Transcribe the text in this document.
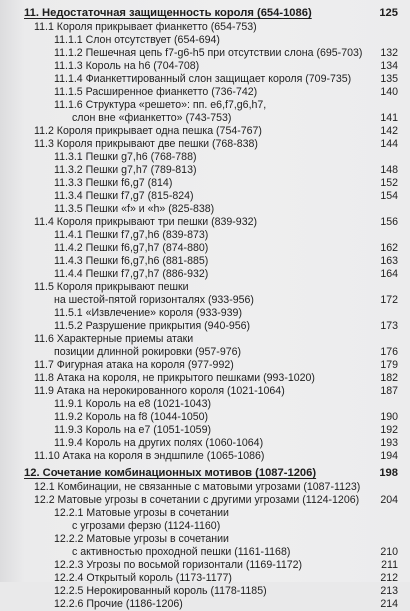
11. Недостаточная защищенность короля (654-1086)	125
11.1 Короля прикрывает фианкетто (654-753)
11.1.1 Слон отсутствует (654-694)
11.1.2 Пешечная цепь f7-g6-h5 при отсутствии слона (695-703) 132
11.1.3 Король на h6 (704-708)	134
11.1.4 Фианкеттированный слон защищает короля (709-735)	135
11.1.5 Расширенное фианкетто (736-742)	140
11.1.6 Структура «решето»: пп. e6,f7,g6,h7,
слон вне «фианкетто» (743-753)	141
11.2 Короля прикрывает одна пешка (754-767)	142
11.3 Короля прикрывают две пешки (768-838)	144
11.3.1 Пешки g7,h6 (768-788)
11.3.2 Пешки g7,h7 (789-813)	148
11.3.3 Пешки f6,g7 (814)	152
11.3.4 Пешки f7,g7 (815-824)	154
11.3.5 Пешки «f» и «h» (825-838)
11.4 Короля прикрывают три пешки (839-932)	156
11.4.1 Пешки f7,g7,h6 (839-873)
11.4.2 Пешки f6,g7,h7 (874-880)	162
11.4.3 Пешки f6,g7,h6 (881-885)	163
11.4.4 Пешки f7,g7,h7 (886-932)	164
11.5 Короля прикрывают пешки
на шестой-пятой горизонталях (933-956)	172
11.5.1 «Извлечение» короля (933-939)
11.5.2 Разрушение прикрытия (940-956)	173
11.6 Характерные приемы атаки
позиции длинной рокировки (957-976)	176
11.7 Фигурная атака на короля (977-992)	179
11.8 Атака на короля, не прикрытого пешками (993-1020)	182
11.9 Атака на нерокированного короля (1021-1064)	187
11.9.1 Король на e8 (1021-1043)
11.9.2 Король на f8 (1044-1050)	190
11.9.3 Король на e7 (1051-1059)	192
11.9.4 Король на других полях (1060-1064)	193
11.10 Атака на короля в эндшпиле (1065-1086)	194
12. Сочетание комбинационных мотивов (1087-1206)	198
12.1 Комбинации, не связанные с матовыми угрозами (1087-1123)
12.2 Матовые угрозы в сочетании с другими угрозами (1124-1206) 204
12.2.1 Матовые угрозы в сочетании
с угрозами ферзю (1124-1160)
12.2.2 Матовые угрозы в сочетании
с активностью проходной пешки (1161-1168)	210
12.2.3 Угрозы по восьмой горизонтали (1169-1172)	211
12.2.4 Открытый король (1173-1177)	212
12.2.5 Нерокированный король (1178-1185)	213
12.2.6 Прочие (1186-1206)	214
